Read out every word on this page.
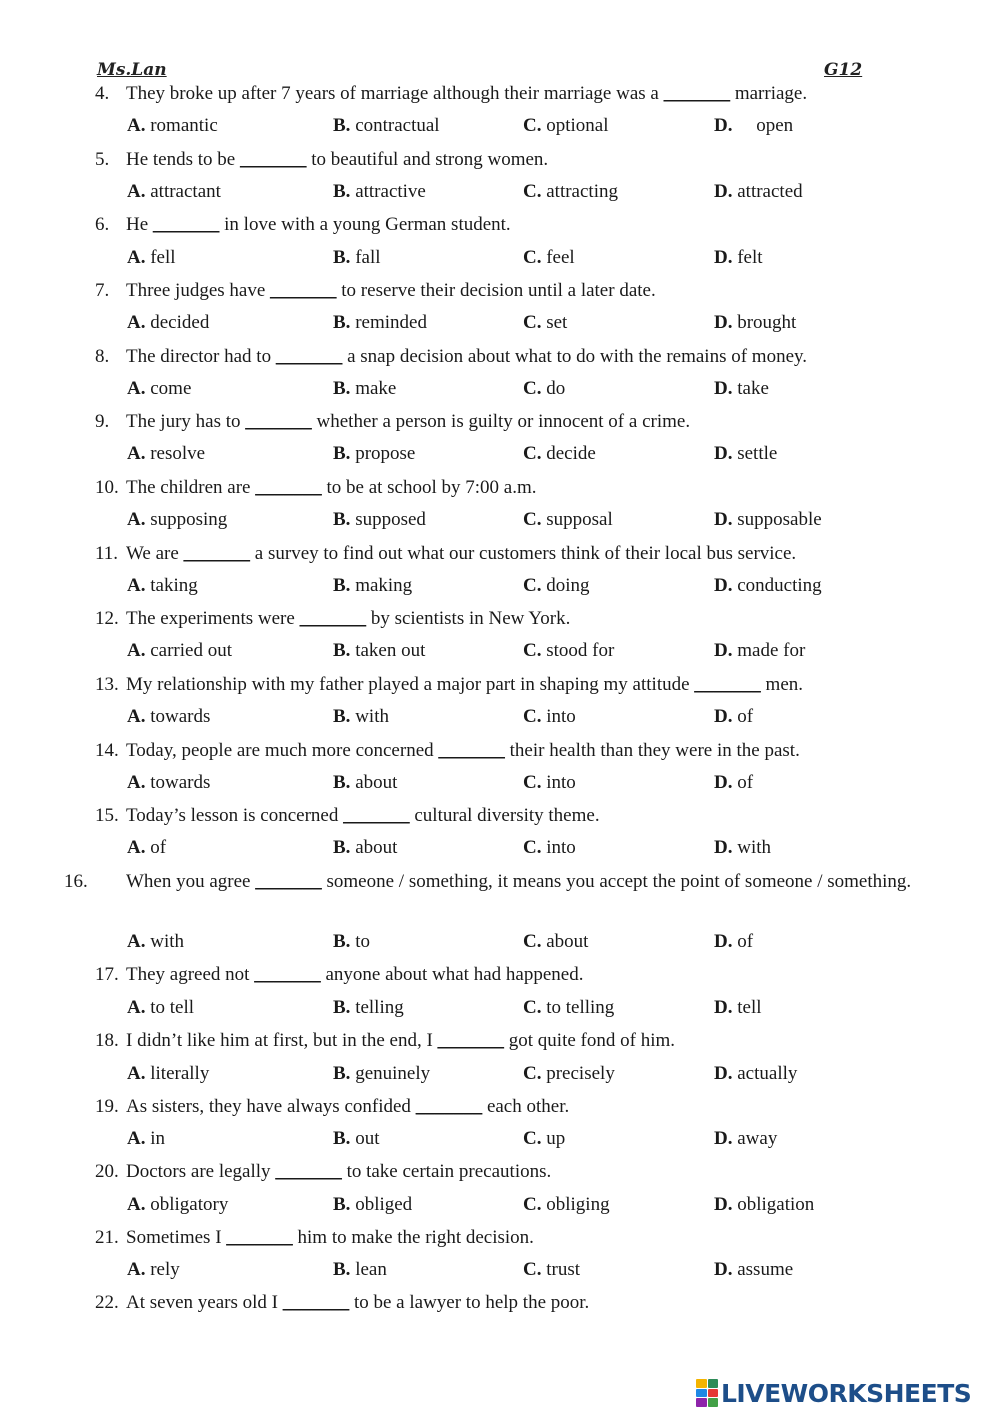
Ms.Lan	G12
4. They broke up after 7 years of marriage although their marriage was a _______ marriage.
A. romantic	B. contractual	C. optional	D. open
5. He tends to be _______ to beautiful and strong women.
A. attractant	B. attractive	C. attracting	D. attracted
6. He _______ in love with a young German student.
A. fell	B. fall	C. feel	D. felt
7. Three judges have _______ to reserve their decision until a later date.
A. decided	B. reminded	C. set	D. brought
8. The director had to _______ a snap decision about what to do with the remains of money.
A. come	B. make	C. do	D. take
9. The jury has to _______ whether a person is guilty or innocent of a crime.
A. resolve	B. propose	C. decide	D. settle
10. The children are _______ to be at school by 7:00 a.m.
A. supposing	B. supposed	C. supposal	D. supposable
11. We are _______ a survey to find out what our customers think of their local bus service.
A. taking	B. making	C. doing	D. conducting
12. The experiments were _______ by scientists in New York.
A. carried out	B. taken out	C. stood for	D. made for
13. My relationship with my father played a major part in shaping my attitude _______ men.
A. towards	B. with	C. into	D. of
14. Today, people are much more concerned _______ their health than they were in the past.
A. towards	B. about	C. into	D. of
15. Today’s lesson is concerned _______ cultural diversity theme.
A. of	B. about	C. into	D. with
16. When you agree _______ someone / something, it means you accept the point of someone / something.
A. with	B. to	C. about	D. of
17. They agreed not _______ anyone about what had happened.
A. to tell	B. telling	C. to telling	D. tell
18. I didn’t like him at first, but in the end, I _______ got quite fond of him.
A. literally	B. genuinely	C. precisely	D. actually
19. As sisters, they have always confided _______ each other.
A. in	B. out	C. up	D. away
20. Doctors are legally _______ to take certain precautions.
A. obligatory	B. obliged	C. obliging	D. obligation
21. Sometimes I _______ him to make the right decision.
A. rely	B. lean	C. trust	D. assume
22. At seven years old I _______ to be a lawyer to help the poor.
LIVEWORKSHEETS
